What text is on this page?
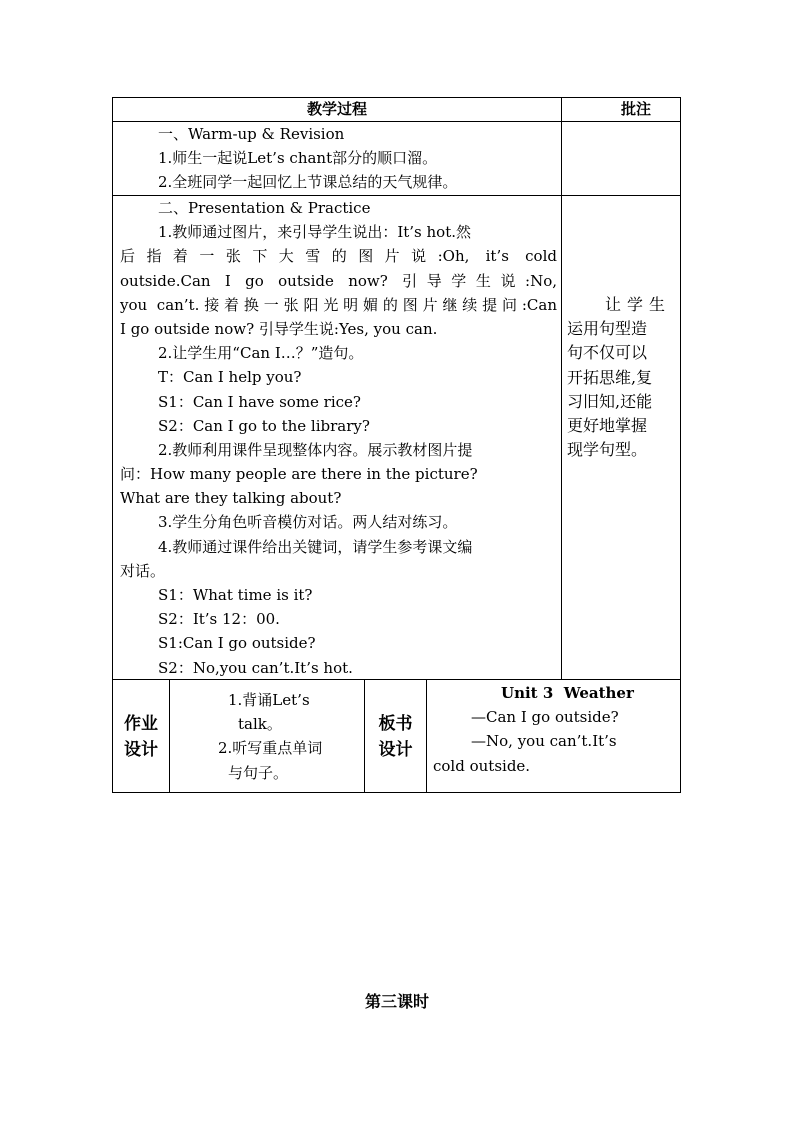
教学过程	批注
一、Warm-up & Revision
1.师生一起说Let’s chant部分的顺口溜。
2.全班同学一起回忆上节课总结的天气规律。
二、Presentation & Practice
1.教师通过图片，来引导学生说出：It’s hot.然
后指着一张下大雪的图片说:Oh, it’s cold
outside.Can I go outside now? 引导学生说:No,
you can’t.接着换一张阳光明媚的图片继续提问:Can
I go outside now? 引导学生说:Yes, you can.
2.让学生用“Can I…？”造句。
T：Can I help you?
S1：Can I have some rice?
S2：Can I go to the library?
2.教师利用课件呈现整体内容。展示教材图片提
问：How many people are there in the picture?
What are they talking about?
3.学生分角色听音模仿对话。两人结对练习。
4.教师通过课件给出关键词，请学生参考课文编
对话。
S1：What time is it?
S2：It’s 12：00.
S1:Can I go outside?
S2：No,you can’t.It’s hot.
让学生
运用句型造
句不仅可以
开拓思维,复
习旧知,还能
更好地掌握
现学句型。
作业
设计
1.背诵Let’s
talk。
2.听写重点单词
与句子。
板书
设计
Unit 3  Weather
—Can I go outside?
—No, you can’t.It’s
cold outside.
第三课时
